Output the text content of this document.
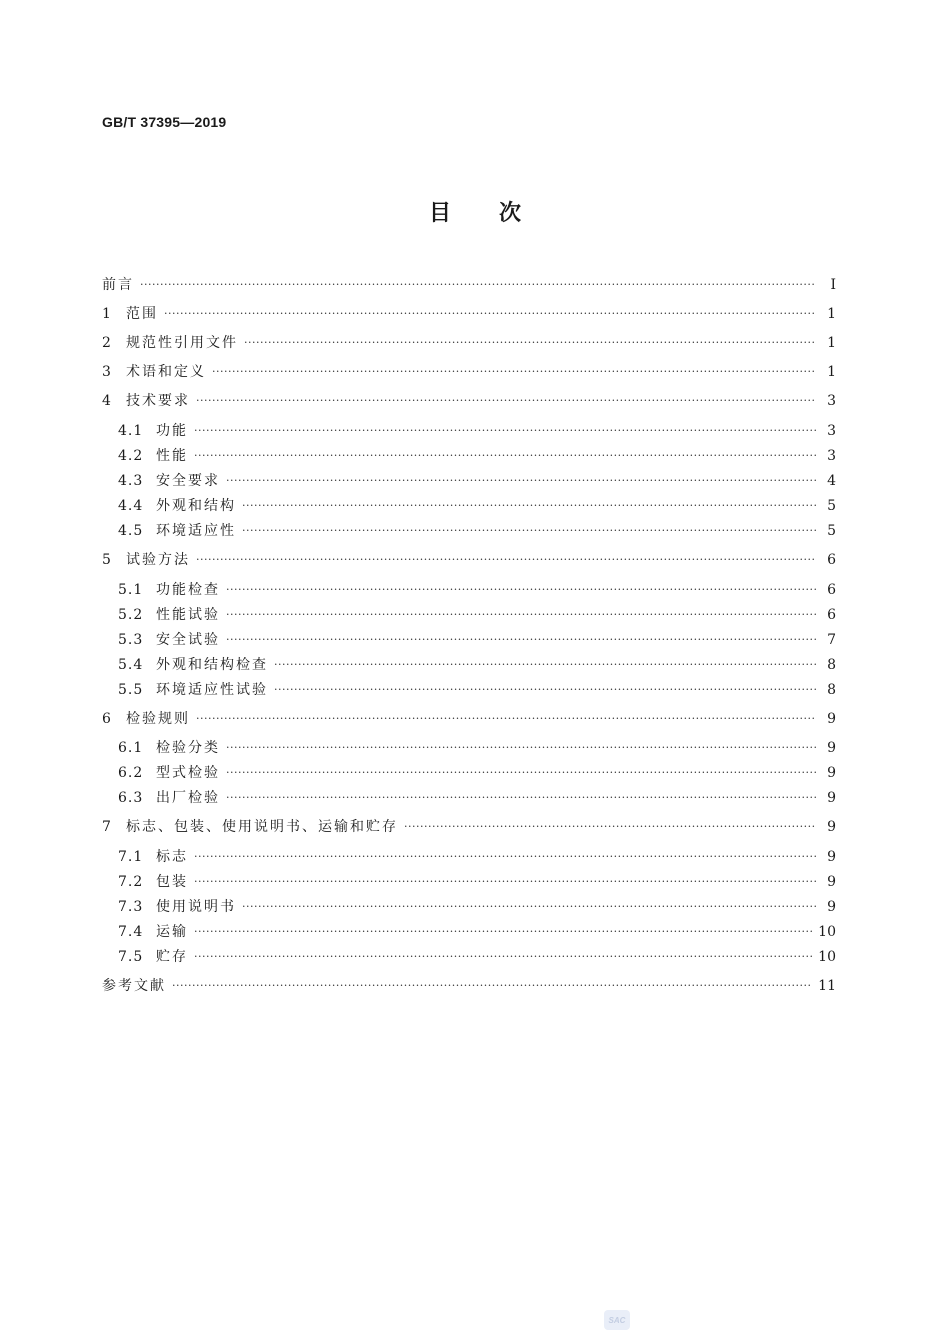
GB/T 37395—2019
目次
前言 ·····	Ⅰ
1	范围 ·····	1
2	规范性引用文件 ·····	1
3	术语和定义 ·····	1
4	技术要求 ·····	3
4.1 功能 ·····	3
4.2 性能 ·····	3
4.3 安全要求 ·····	4
4.4 外观和结构 ·····	5
4.5 环境适应性 ·····	5
5	试验方法 ·····	6
5.1 功能检查 ·····	6
5.2 性能试验 ·····	6
5.3 安全试验 ·····	7
5.4 外观和结构检查 ·····	8
5.5 环境适应性试验 ·····	8
6	检验规则 ·····	9
6.1 检验分类 ·····	9
6.2 型式检验 ·····	9
6.3 出厂检验 ·····	9
7	标志、包装、使用说明书、运输和贮存 ·····	9
7.1 标志 ·····	9
7.2 包装 ·····	9
7.3 使用说明书 ·····	9
7.4 运输 ·····	10
7.5 贮存 ·····	10
参考文献 ·····	11
SAC
